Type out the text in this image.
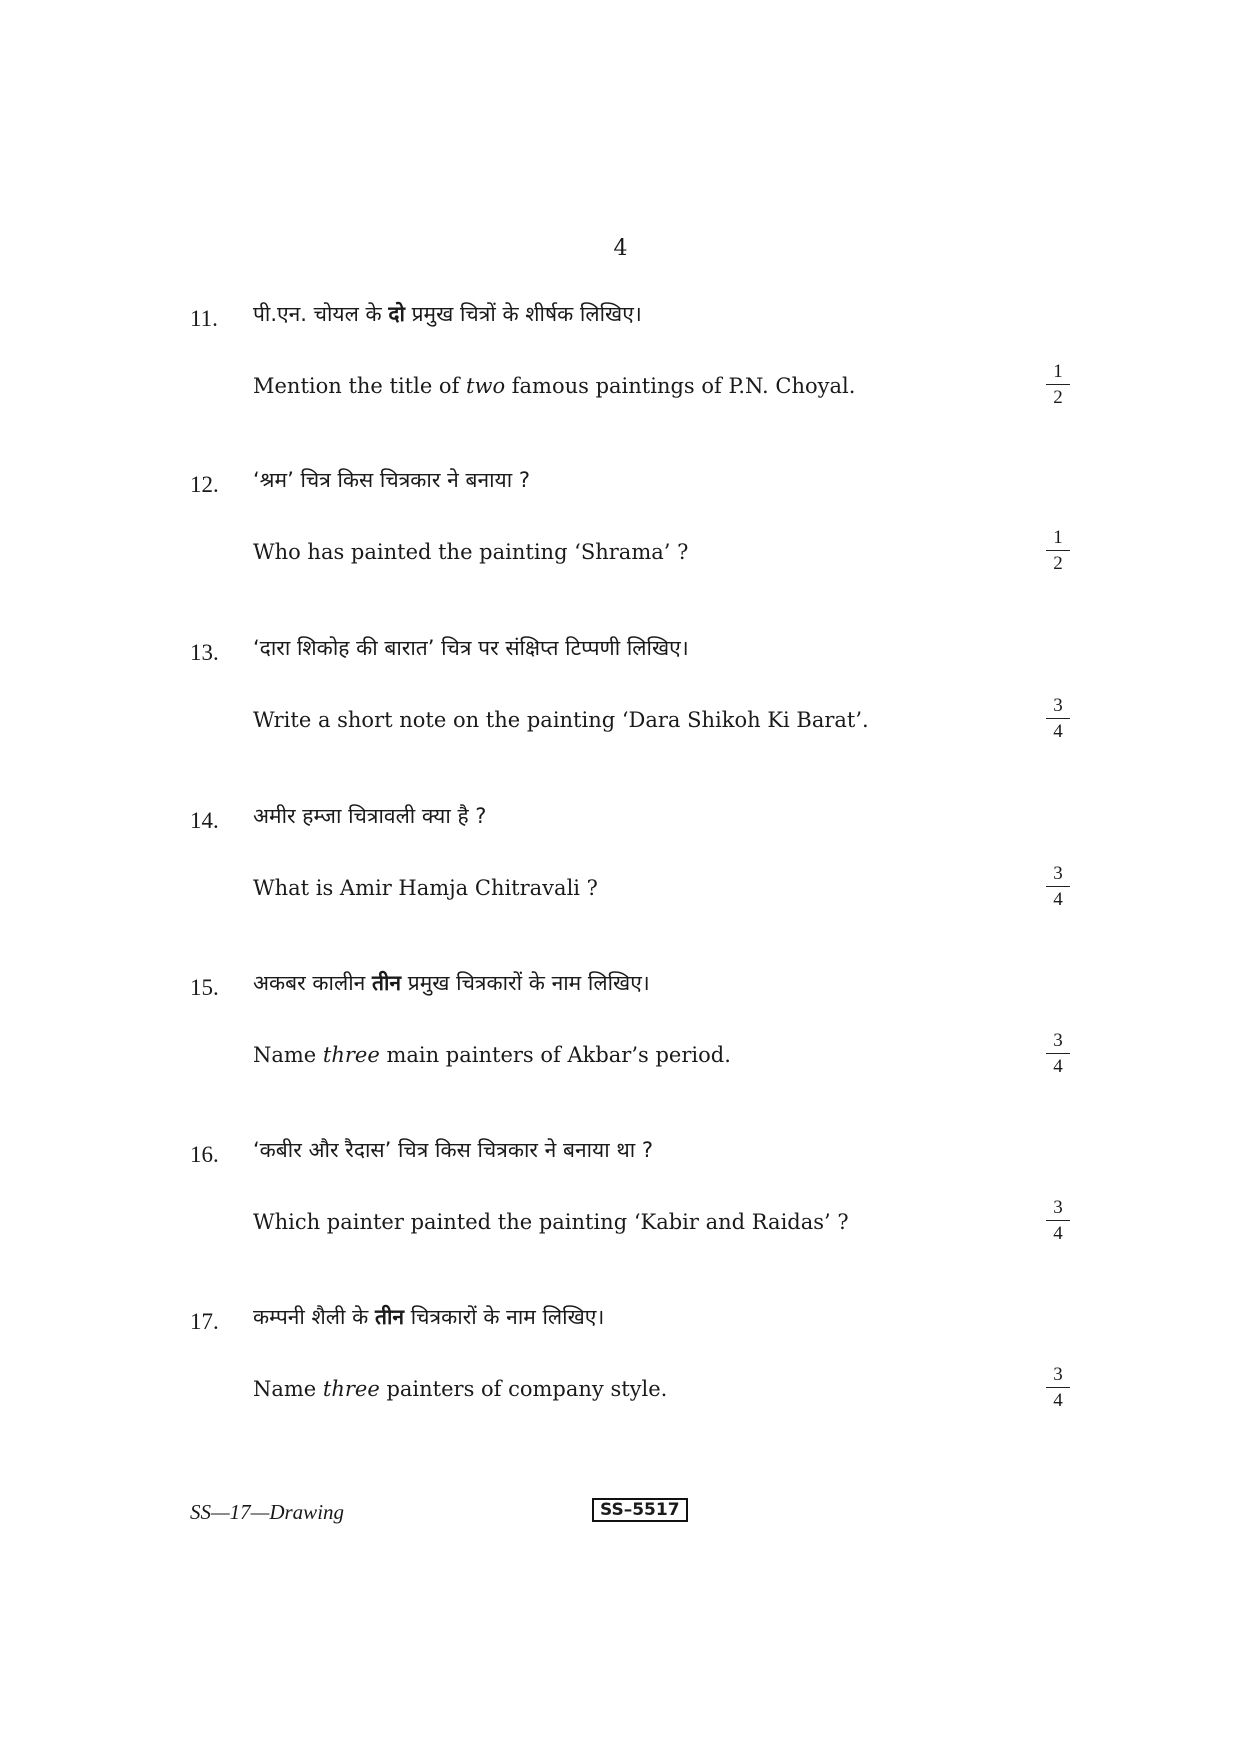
4
11. पी.एन. चोयल के दो प्रमुख चित्रों के शीर्षक लिखिए।
Mention the title of two famous paintings of P.N. Choyal.	$\frac{1}{2}$
12. ‘श्रम’ चित्र किस चित्रकार ने बनाया ?
Who has painted the painting ‘Shrama’ ?	$\frac{1}{2}$
13. ‘दारा शिकोह की बारात’ चित्र पर संक्षिप्त टिप्पणी लिखिए।
Write a short note on the painting ‘Dara Shikoh Ki Barat’.	$\frac{3}{4}$
14. अमीर हम्जा चित्रावली क्या है ?
What is Amir Hamja Chitravali ?	$\frac{3}{4}$
15. अकबर कालीन तीन प्रमुख चित्रकारों के नाम लिखिए।
Name three main painters of Akbar’s period.	$\frac{3}{4}$
16. ‘कबीर और रैदास’ चित्र किस चित्रकार ने बनाया था ?
Which painter painted the painting ‘Kabir and Raidas’ ?	$\frac{3}{4}$
17. कम्पनी शैली के तीन चित्रकारों के नाम लिखिए।
Name three painters of company style.	$\frac{3}{4}$
SS—17—Drawing	SS–5517
